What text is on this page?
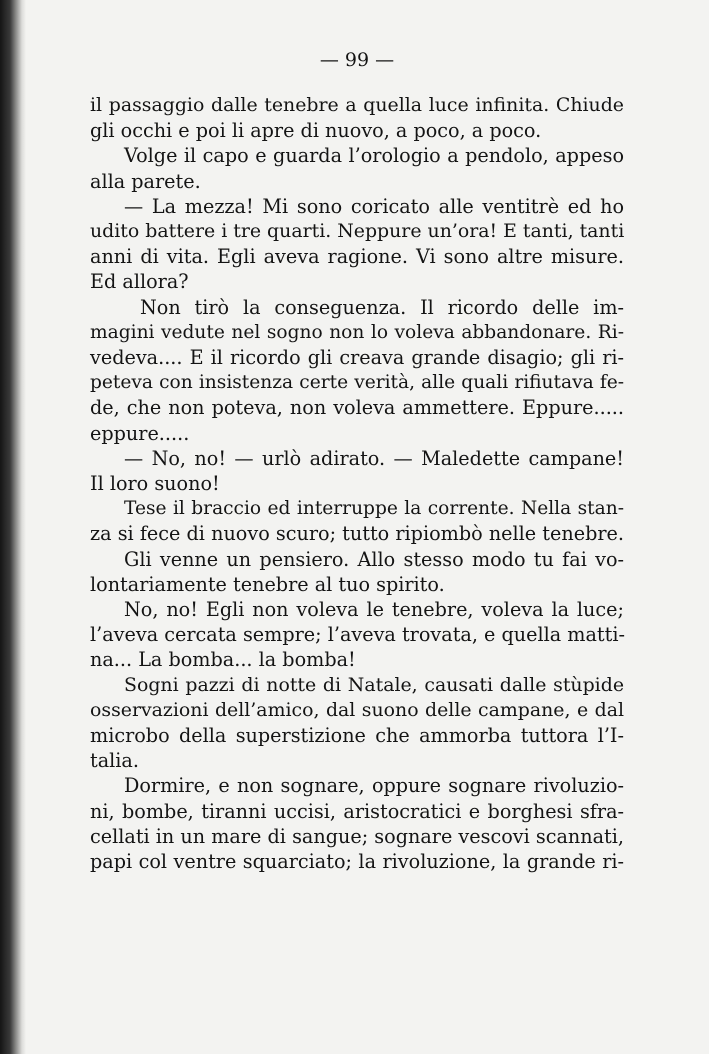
— 99 —
il passaggio dalle tenebre a quella luce infinita. Chiude
gli occhi e poi li apre di nuovo, a poco, a poco.
Volge il capo e guarda l’orologio a pendolo, appeso
alla parete.
— La mezza! Mi sono coricato alle ventitrè ed ho
udito battere i tre quarti. Neppure un’ora! E tanti, tanti
anni di vita. Egli aveva ragione. Vi sono altre misure.
Ed allora?
Non tirò la conseguenza. Il ricordo delle im-
magini vedute nel sogno non lo voleva abbandonare. Ri-
vedeva.... E il ricordo gli creava grande disagio; gli ri-
peteva con insistenza certe verità, alle quali rifiutava fe-
de, che non poteva, non voleva ammettere. Eppure.....
eppure.....
— No, no! — urlò adirato. — Maledette campane!
Il loro suono!
Tese il braccio ed interruppe la corrente. Nella stan-
za si fece di nuovo scuro; tutto ripiombò nelle tenebre.
Gli venne un pensiero. Allo stesso modo tu fai vo-
lontariamente tenebre al tuo spirito.
No, no! Egli non voleva le tenebre, voleva la luce;
l’aveva cercata sempre; l’aveva trovata, e quella matti-
na... La bomba... la bomba!
Sogni pazzi di notte di Natale, causati dalle stùpide
osservazioni dell’amico, dal suono delle campane, e dal
microbo della superstizione che ammorba tuttora l’I-
talia.
Dormire, e non sognare, oppure sognare rivoluzio-
ni, bombe, tiranni uccisi, aristocratici e borghesi sfra-
cellati in un mare di sangue; sognare vescovi scannati,
papi col ventre squarciato; la rivoluzione, la grande ri-
